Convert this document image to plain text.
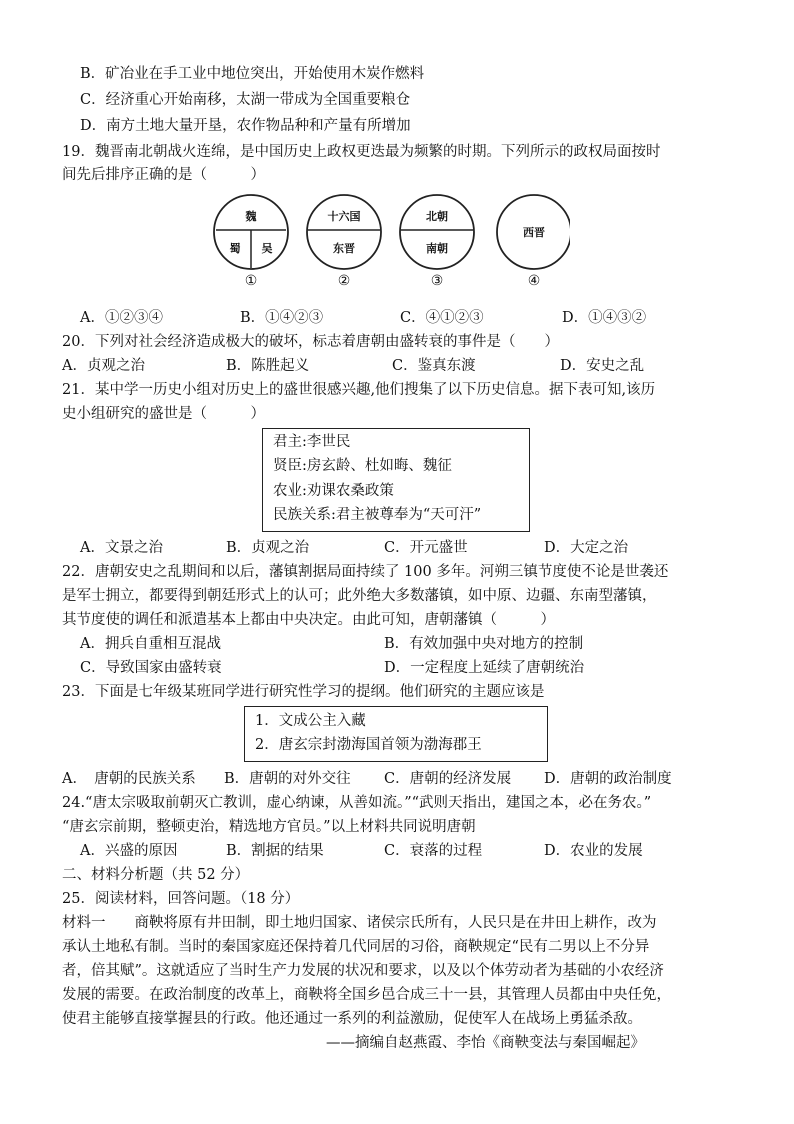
B．矿冶业在手工业中地位突出，开始使用木炭作燃料
C．经济重心开始南移，太湖一带成为全国重要粮仓
D．南方土地大量开垦，农作物品种和产量有所增加
19．魏晋南北朝战火连绵，是中国历史上政权更迭最为频繁的时期。下列所示的政权局面按时
间先后排序正确的是（　　　）
魏
蜀 吴
①
十六国
东晋
②
北朝
南朝
③
西晋
④
A．①②③④	B．①④②③	C．④①②③	D．①④③②
20．下列对社会经济造成极大的破坏，标志着唐朝由盛转衰的事件是（　　）
A．贞观之治	B．陈胜起义	C．鉴真东渡	D．安史之乱
21．某中学一历史小组对历史上的盛世很感兴趣,他们搜集了以下历史信息。据下表可知,该历
史小组研究的盛世是（　　　）
君主:李世民
贤臣:房玄龄、杜如晦、魏征
农业:劝课农桑政策
民族关系:君主被尊奉为“天可汗”
A．文景之治	B．贞观之治	C．开元盛世	D．大定之治
22．唐朝安史之乱期间和以后，藩镇割据局面持续了 100 多年。河朔三镇节度使不论是世袭还
是军士拥立，都要得到朝廷形式上的认可；此外绝大多数藩镇，如中原、边疆、东南型藩镇，
其节度使的调任和派遣基本上都由中央决定。由此可知，唐朝藩镇（　　　）
A．拥兵自重相互混战	B．有效加强中央对地方的控制
C．导致国家由盛转衰	D．一定程度上延续了唐朝统治
23．下面是七年级某班同学进行研究性学习的提纲。他们研究的主题应该是
1．文成公主入藏
2．唐玄宗封渤海国首领为渤海郡王
A．　唐朝的民族关系 B．唐朝的对外交往 C．唐朝的经济发展 D．唐朝的政治制度
24.“唐太宗吸取前朝灭亡教训，虚心纳谏，从善如流。”“武则天指出，建国之本，必在务农。”
“唐玄宗前期，整顿吏治，精选地方官员。”以上材料共同说明唐朝
A．兴盛的原因	B．割据的结果	C．衰落的过程	D．农业的发展
二、材料分析题（共 52 分）
25．阅读材料，回答问题。（18 分）
材料一　　商鞅将原有井田制，即土地归国家、诸侯宗氏所有，人民只是在井田上耕作，改为
承认土地私有制。当时的秦国家庭还保持着几代同居的习俗，商鞅规定“民有二男以上不分异
者，倍其赋”。这就适应了当时生产力发展的状况和要求，以及以个体劳动者为基础的小农经济
发展的需要。在政治制度的改革上，商鞅将全国乡邑合成三十一县，其管理人员都由中央任免，
使君主能够直接掌握县的行政。他还通过一系列的利益激励，促使军人在战场上勇猛杀敌。
——摘编自赵燕霞、李怡《商鞅变法与秦国崛起》
